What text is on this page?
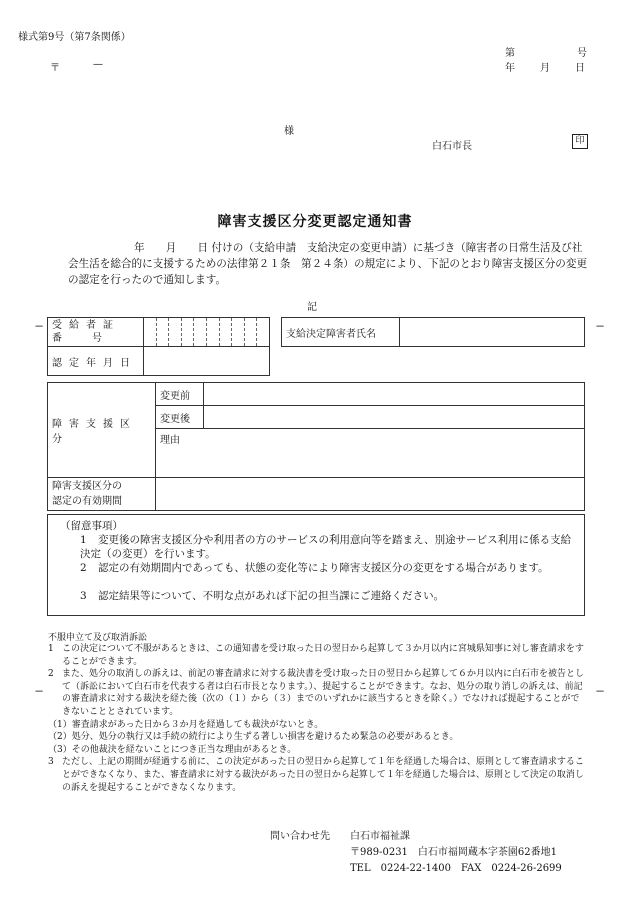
様式第9号（第7条関係）
第	号
年	月	日
〒	—
様
白石市長	印
障害支援区分変更認定通知書
年　　月　　日 付けの（支給申請　支給決定の変更申請）に基づき（障害者の日常生活及び社会生活を総合的に支援するための法律第２１条　第２４条）の規定により、下記のとおり障害支援区分の変更の認定を行ったので通知します。
記
---	---
---	---
受給者証
番　　　号			支給決定障害者氏名	
認定年月日				
障害支援区分	変更前	
	変更後	
	理由	

障害支援区分の
認定の有効期間		

（留意事項）
1 変更後の障害支援区分や利用者の方のサービスの利用意向等を踏まえ、別途サービス利用に係る支給決定（の変更）を行います。
2 認定の有効期間内であっても、状態の変化等により障害支援区分の変更をする場合があります。
3 認定結果等について、不明な点があれば下記の担当課にご連絡ください。
不服申立て及び取消訴訟
1 この決定について不服があるときは、この通知書を受け取った日の翌日から起算して３か月以内に宮城県知事に対し審査請求をすることができます。
2 また、処分の取消しの訴えは、前記の審査請求に対する裁決書を受け取った日の翌日から起算して６か月以内に白石市を被告として（訴訟において白石市を代表する者は白石市長となります。）、提起することができます。なお、処分の取り消しの訴えは、前記の審査請求に対する裁決を経た後（次の（１）から（３）までのいずれかに該当するときを除く。）でなければ提起することができないこととされています。
（1）審査請求があった日から３か月を経過しても裁決がないとき。
（2）処分、処分の執行又は手続の続行により生ずる著しい損害を避けるため緊急の必要があるとき。
（3）その他裁決を経ないことにつき正当な理由があるとき。
3 ただし、上記の期間が経過する前に、この決定があった日の翌日から起算して１年を経過した場合は、原則として審査請求することができなくなり、また、審査請求に対する裁決があった日の翌日から起算して１年を経過した場合は、原則として決定の取消しの訴えを提起することができなくなります。
問い合わせ先 白石市福祉課
〒989-0231　白石市福岡蔵本字茶園62番地1
TEL　0224-22-1400　FAX　0224-26-2699
